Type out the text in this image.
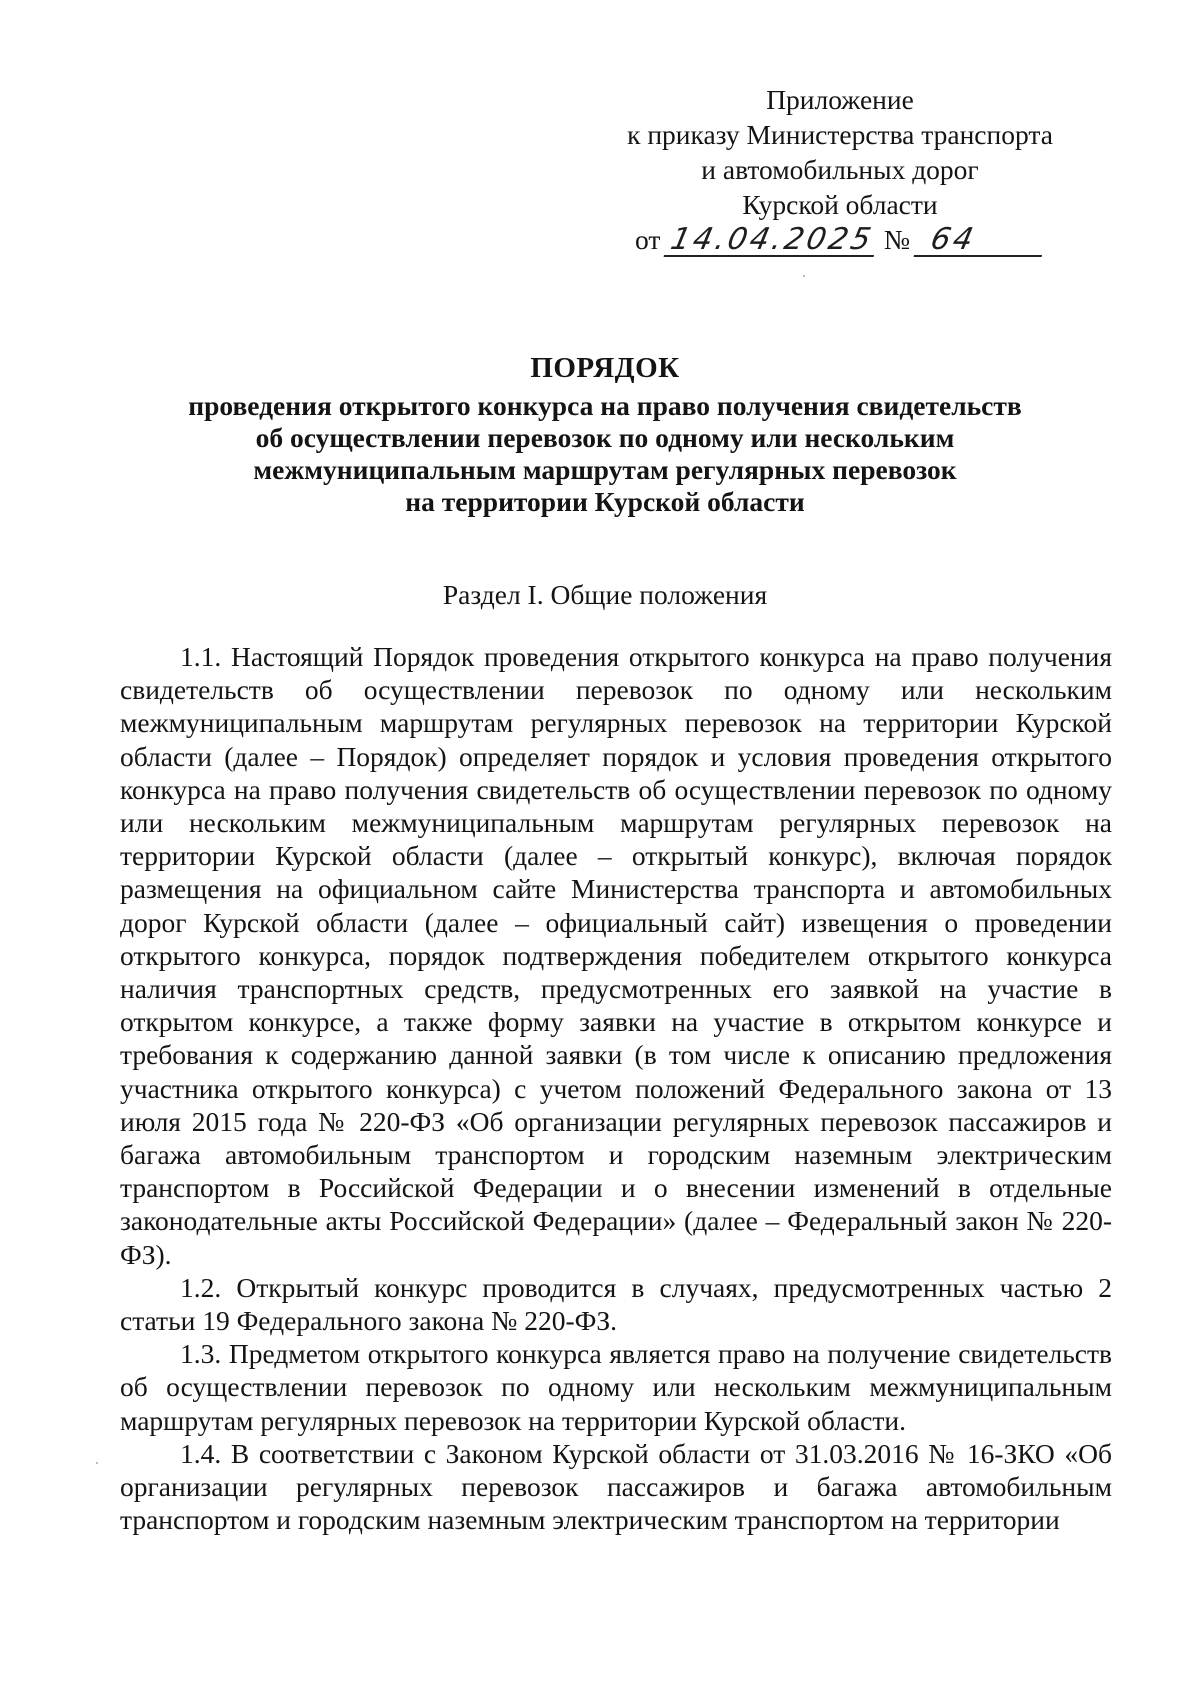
Приложение
к приказу Министерства транспорта
и автомобильных дорог
Курской области
от 14.04.2025 № 64
ПОРЯДОК
проведения открытого конкурса на право получения свидетельств
об осуществлении перевозок по одному или нескольким
межмуниципальным маршрутам регулярных перевозок
на территории Курской области
Раздел I. Общие положения

1.1. Настоящий Порядок проведения открытого конкурса на право получения свидетельств об осуществлении перевозок по одному или нескольким межмуниципальным маршрутам регулярных перевозок на территории Курской области (далее – Порядок) определяет порядок и условия проведения открытого конкурса на право получения свидетельств об осуществлении перевозок по одному или нескольким межмуниципальным маршрутам регулярных перевозок на территории Курской области (далее – открытый конкурс), включая порядок размещения на официальном сайте Министерства транспорта и автомобильных дорог Курской области (далее – официальный сайт) извещения о проведении открытого конкурса, порядок подтверждения победителем открытого конкурса наличия транспортных средств, предусмотренных его заявкой на участие в открытом конкурсе, а также форму заявки на участие в открытом конкурсе и требования к содержанию данной заявки (в том числе к описанию предложения участника открытого конкурса) с учетом положений Федерального закона от 13 июля 2015 года № 220-ФЗ «Об организации регулярных перевозок пассажиров и багажа автомобильным транспортом и городским наземным электрическим транспортом в Российской Федерации и о внесении изменений в отдельные законодательные акты Российской Федерации» (далее – Федеральный закон № 220-ФЗ).

1.2. Открытый конкурс проводится в случаях, предусмотренных частью 2 статьи 19 Федерального закона № 220-ФЗ.

1.3. Предметом открытого конкурса является право на получение свидетельств об осуществлении перевозок по одному или нескольким межмуниципальным маршрутам регулярных перевозок на территории Курской области.

1.4. В соответствии с Законом Курской области от 31.03.2016 № 16-ЗКО «Об организации регулярных перевозок пассажиров и багажа автомобильным транспортом и городским наземным электрическим транспортом на территории
